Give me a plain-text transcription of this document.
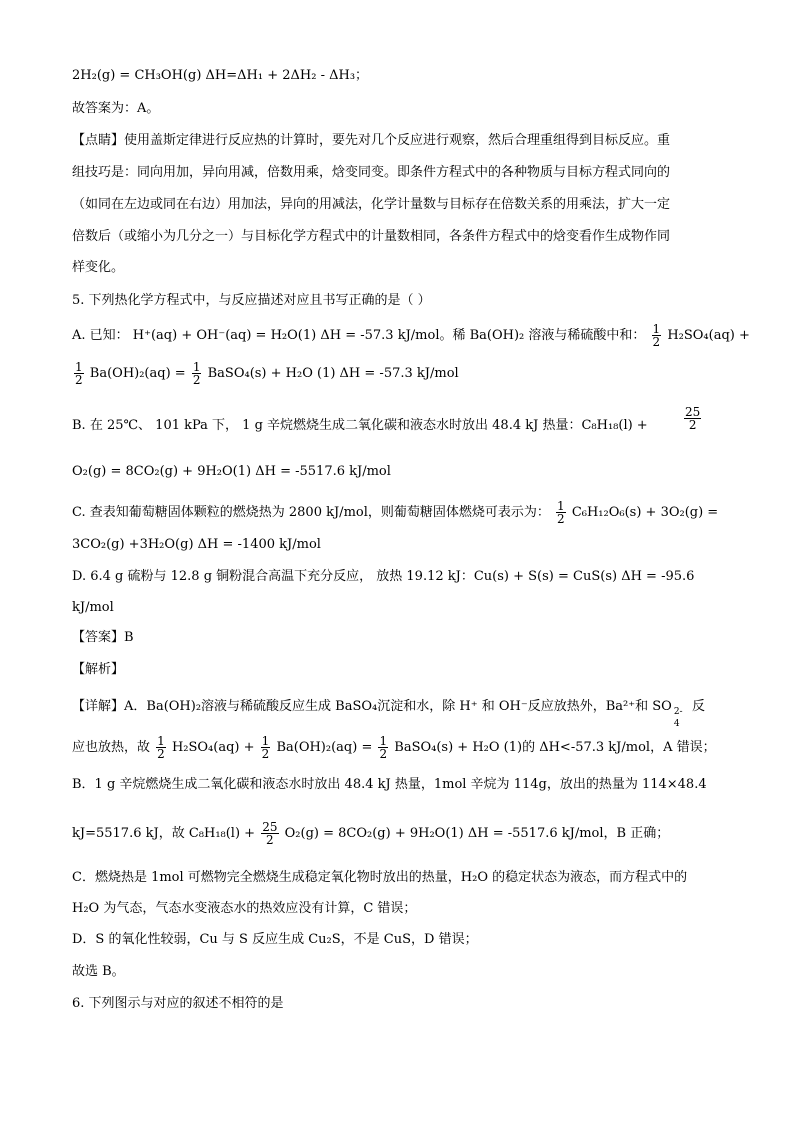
2H₂(g) = CH₃OH(g) ΔH=ΔH₁ + 2ΔH₂ - ΔH₃；
故答案为：A。
【点睛】使用盖斯定律进行反应热的计算时，要先对几个反应进行观察，然后合理重组得到目标反应。重
组技巧是：同向用加，异向用减，倍数用乘，焓变同变。即条件方程式中的各种物质与目标方程式同向的
（如同在左边或同在右边）用加法，异向的用减法，化学计量数与目标存在倍数关系的用乘法，扩大一定
倍数后（或缩小为几分之一）与目标化学方程式中的计量数相同，各条件方程式中的焓变看作生成物作同
样变化。
5. 下列热化学方程式中，与反应描述对应且书写正确的是（ ）
A. 已知： H⁺(aq) + OH⁻(aq) = H₂O(1) ΔH = -57.3 kJ/mol。稀 Ba(OH)₂ 溶液与稀硫酸中和： $\frac{1}{2} H_2SO_4(aq)$ +
$\frac{1}{2} Ba(OH)_2(aq) = \frac{1}{2}$ BaSO₄(s) + H₂O (1) ΔH = -57.3 kJ/mol
B. 在 25℃、 101 kPa 下， 1 g 辛烷燃烧生成二氧化碳和液态水时放出 48.4 kJ 热量：C₈H₁₈(l) +	$\frac{25}{2}$
O₂(g) = 8CO₂(g) + 9H₂O(1) ΔH = -5517.6 kJ/mol
C. 查表知葡萄糖固体颗粒的燃烧热为 2800 kJ/mol，则葡萄糖固体燃烧可表示为： $\frac{1}{2} C_6H_{12}O_6(s) + 3O_2(g)$ =
3CO₂(g) +3H₂O(g) ΔH = -1400 kJ/mol
D. 6.4 g 硫粉与 12.8 g 铜粉混合高温下充分反应， 放热 19.12 kJ：Cu(s) + S(s) = CuS(s) ΔH = -95.6
kJ/mol
【答案】B
【解析】
【详解】A．Ba(OH)₂溶液与稀硫酸反应生成 BaSO₄沉淀和水，除 H⁺ 和 OH⁻反应放热外，Ba²⁺和 SO 2-
4
反
应也放热，故 $\frac{1}{2} H_2SO_4(aq) + \frac{1}{2} Ba(OH)_2(aq) = \frac{1}{2}$ BaSO₄(s) + H₂O (1)的 ΔH<-57.3 kJ/mol，A 错误；
B．1 g 辛烷燃烧生成二氧化碳和液态水时放出 48.4 kJ 热量，1mol 辛烷为 114g，放出的热量为 114×48.4
kJ=5517.6 kJ，故 $C_8H_{18}(l) + \frac{25}{2} O_2(g) = 8CO_2(g) + 9H_2O(1) \Delta H = -5517.6$ kJ/mol，B 正确；
C．燃烧热是 1mol 可燃物完全燃烧生成稳定氧化物时放出的热量，H₂O 的稳定状态为液态，而方程式中的
H₂O 为气态，气态水变液态水的热效应没有计算，C 错误；
D．S 的氧化性较弱，Cu 与 S 反应生成 Cu₂S，不是 CuS，D 错误；
故选 B。
6. 下列图示与对应的叙述不相符的是
